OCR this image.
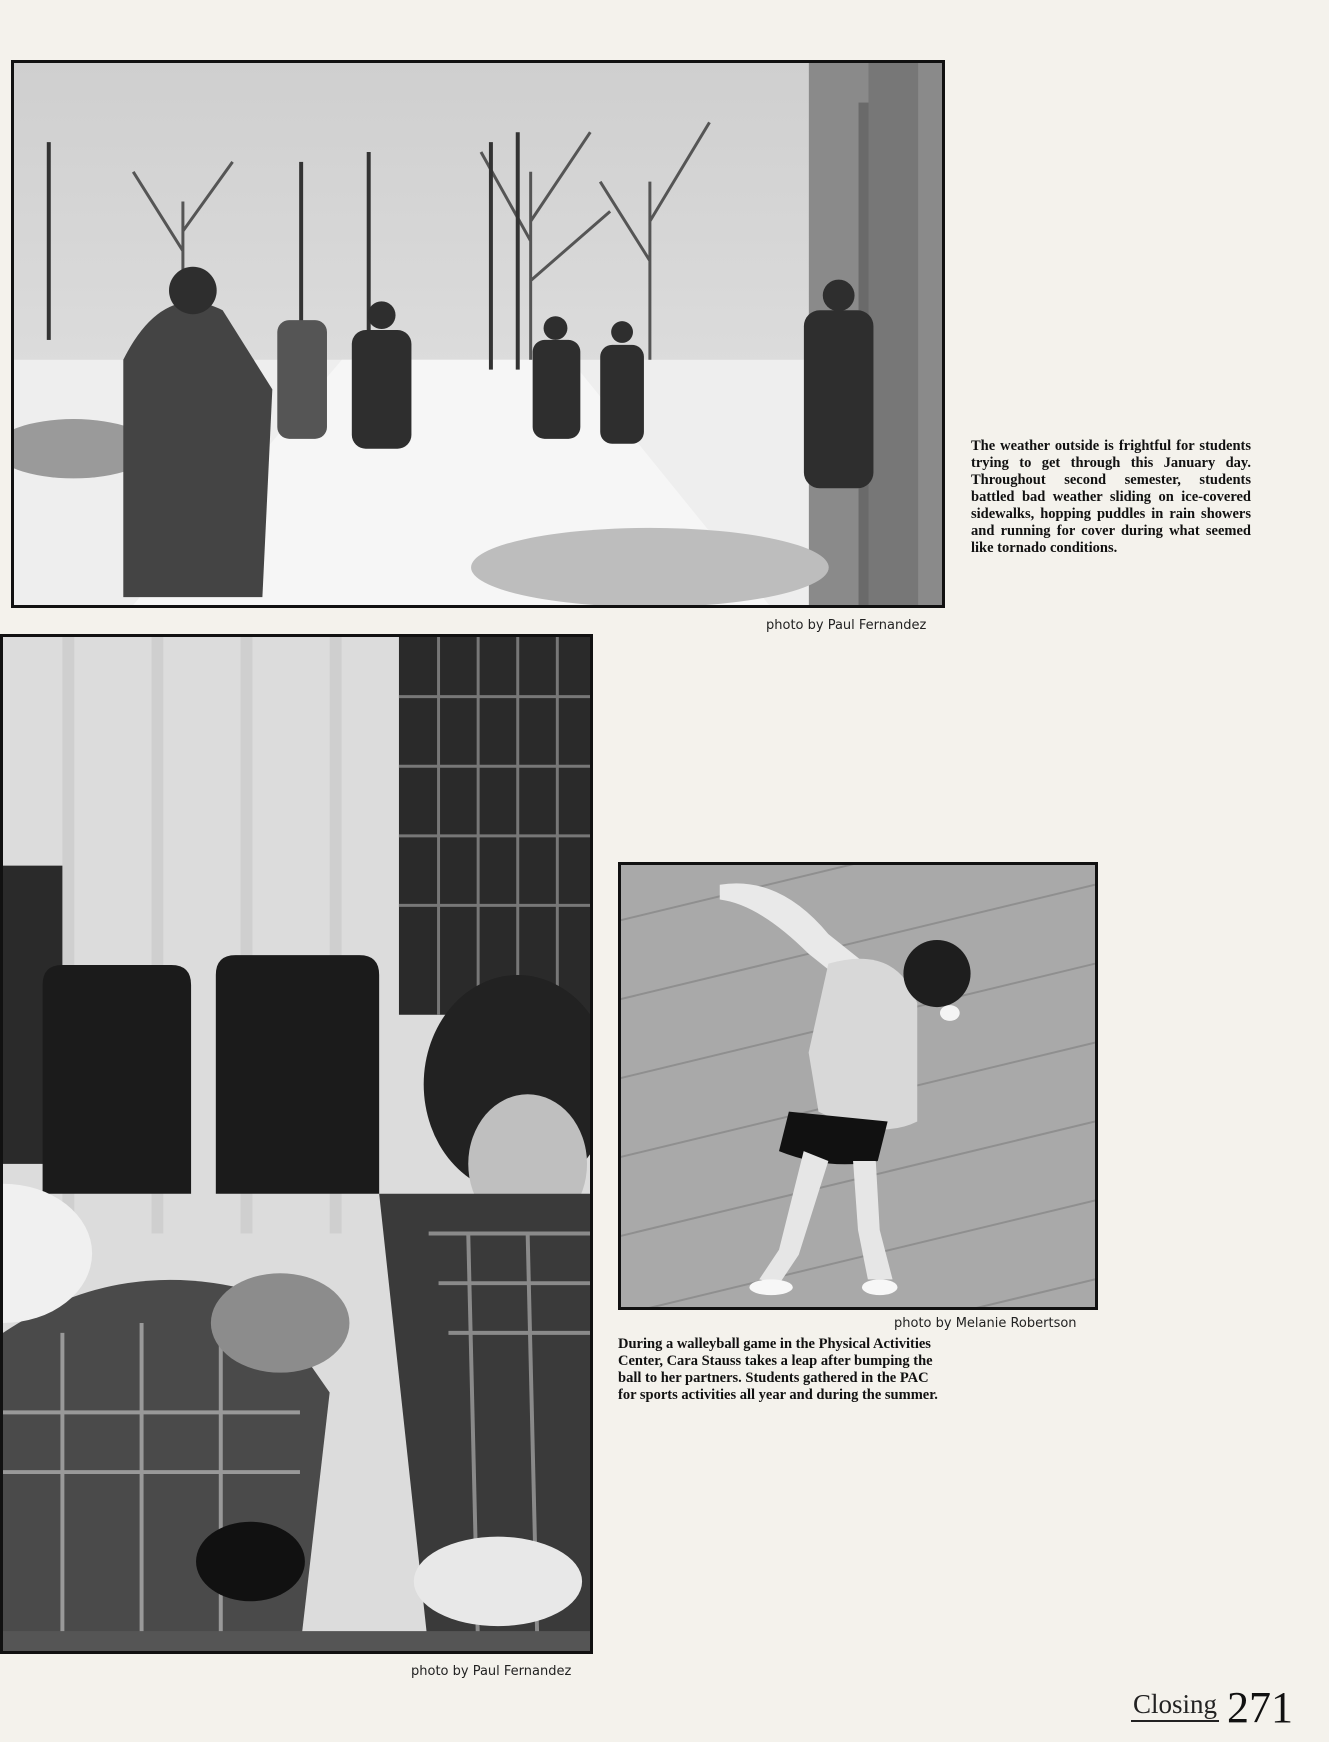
photo by Paul Fernandez

The weather outside is frightful for students trying to get through this January day. Throughout second semester, students battled bad weather sliding on ice-covered sidewalks, hopping puddles in rain showers and running for cover during what seemed like tornado conditions.

photo by Paul Fernandez
photo by Melanie Robertson

During a walleyball game in the Physical Activities Center, Cara Stauss takes a leap after bumping the ball to her partners. Students gathered in the PAC for sports activities all year and during the summer.

Closing 271
